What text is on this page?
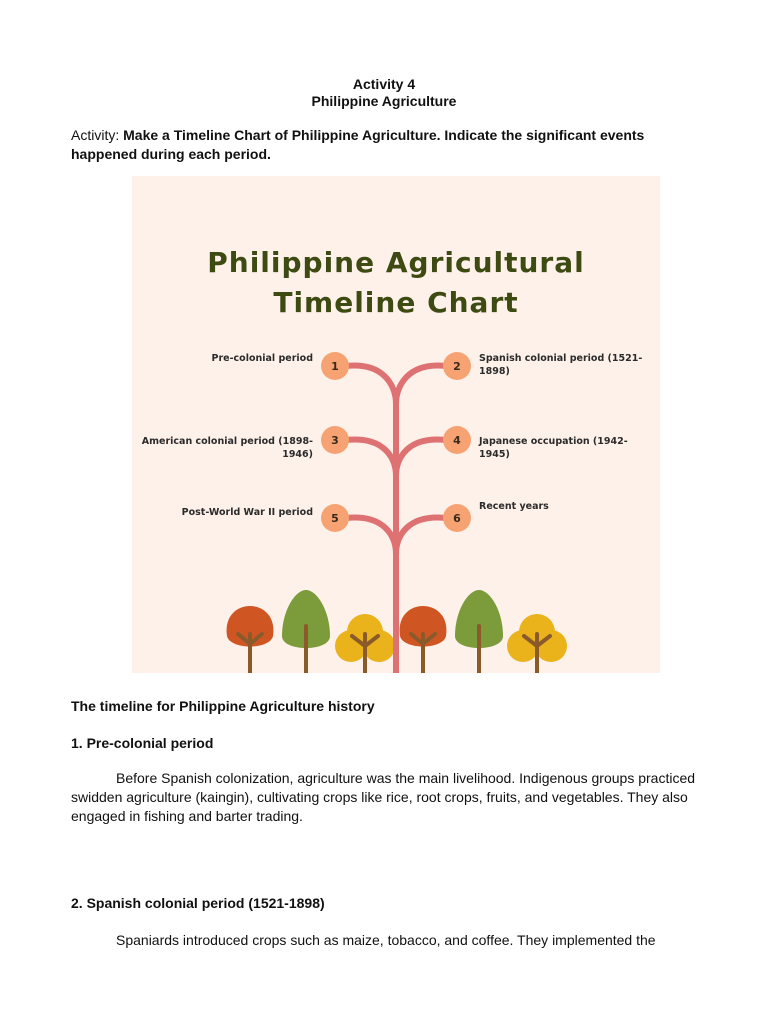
Activity 4
Philippine Agriculture
Activity: Make a Timeline Chart of Philippine Agriculture. Indicate the significant events happened during each period.
Philippine Agricultural
Timeline Chart
1	2
3	4
5	6
Pre-colonial period	Spanish colonial period (1521-
1898)
American colonial period (1898-
1946)
Japanese occupation (1942-
1945)
Post-World War II period
Recent years
The timeline for Philippine Agriculture history
1. Pre-colonial period
Before Spanish colonization, agriculture was the main livelihood. Indigenous groups practiced swidden agriculture (kaingin), cultivating crops like rice, root crops, fruits, and vegetables. They also engaged in fishing and barter trading.
2. Spanish colonial period (1521-1898)
Spaniards introduced crops such as maize, tobacco, and coffee. They implemented the
